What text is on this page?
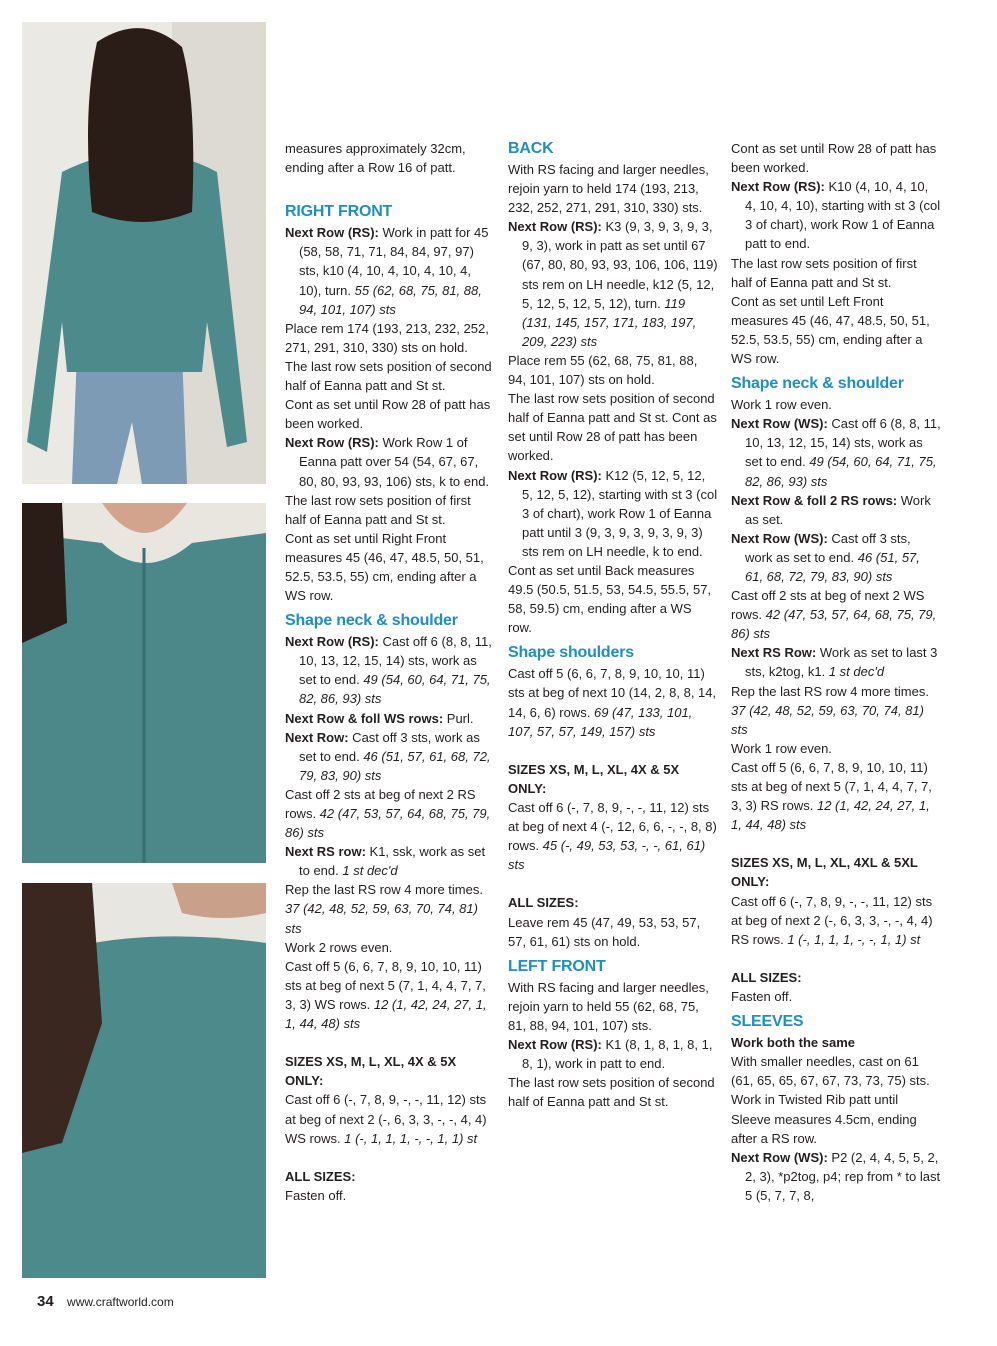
measures approximately 32cm, ending after a Row 16 of patt.

RIGHT FRONT

Next Row (RS): Work in patt for 45 (58, 58, 71, 71, 84, 84, 97, 97) sts, k10 (4, 10, 4, 10, 4, 10, 4, 10), turn. 55 (62, 68, 75, 81, 88, 94, 101, 107) sts

Place rem 174 (193, 213, 232, 252, 271, 291, 310, 330) sts on hold.

The last row sets position of second half of Eanna patt and St st.

Cont as set until Row 28 of patt has been worked.

Next Row (RS): Work Row 1 of Eanna patt over 54 (54, 67, 67, 80, 80, 93, 93, 106) sts, k to end.

The last row sets position of first half of Eanna patt and St st.

Cont as set until Right Front measures 45 (46, 47, 48.5, 50, 51, 52.5, 53.5, 55) cm, ending after a WS row.

Shape neck & shoulder

Next Row (RS): Cast off 6 (8, 8, 11, 10, 13, 12, 15, 14) sts, work as set to end. 49 (54, 60, 64, 71, 75, 82, 86, 93) sts

Next Row & foll WS rows: Purl.

Next Row: Cast off 3 sts, work as set to end. 46 (51, 57, 61, 68, 72, 79, 83, 90) sts

Cast off 2 sts at beg of next 2 RS rows. 42 (47, 53, 57, 64, 68, 75, 79, 86) sts

Next RS row: K1, ssk, work as set to end. 1 st dec'd

Rep the last RS row 4 more times. 37 (42, 48, 52, 59, 63, 70, 74, 81) sts

Work 2 rows even.

Cast off 5 (6, 6, 7, 8, 9, 10, 10, 11) sts at beg of next 5 (7, 1, 4, 4, 7, 7, 3, 3) WS rows. 12 (1, 42, 24, 27, 1, 1, 44, 48) sts

SIZES XS, M, L, XL, 4X & 5X ONLY:

Cast off 6 (-, 7, 8, 9, -, -, 11, 12) sts at beg of next 2 (-, 6, 3, 3, -, -, 4, 4) WS rows. 1 (-, 1, 1, 1, -, -, 1, 1) st

ALL SIZES:

Fasten off.

BACK

With RS facing and larger needles, rejoin yarn to held 174 (193, 213, 232, 252, 271, 291, 310, 330) sts.

Next Row (RS): K3 (9, 3, 9, 3, 9, 3, 9, 3), work in patt as set until 67 (67, 80, 80, 93, 93, 106, 106, 119) sts rem on LH needle, k12 (5, 12, 5, 12, 5, 12, 5, 12), turn. 119 (131, 145, 157, 171, 183, 197, 209, 223) sts

Place rem 55 (62, 68, 75, 81, 88, 94, 101, 107) sts on hold.

The last row sets position of second half of Eanna patt and St st. Cont as set until Row 28 of patt has been worked.

Next Row (RS): K12 (5, 12, 5, 12, 5, 12, 5, 12), starting with st 3 (col 3 of chart), work Row 1 of Eanna patt until 3 (9, 3, 9, 3, 9, 3, 9, 3) sts rem on LH needle, k to end.

Cont as set until Back measures 49.5 (50.5, 51.5, 53, 54.5, 55.5, 57, 58, 59.5) cm, ending after a WS row.

Shape shoulders

Cast off 5 (6, 6, 7, 8, 9, 10, 10, 11) sts at beg of next 10 (14, 2, 8, 8, 14, 14, 6, 6) rows. 69 (47, 133, 101, 107, 57, 57, 149, 157) sts

SIZES XS, M, L, XL, 4X & 5X ONLY:

Cast off 6 (-, 7, 8, 9, -, -, 11, 12) sts at beg of next 4 (-, 12, 6, 6, -, -, 8, 8) rows. 45 (-, 49, 53, 53, -, -, 61, 61) sts

ALL SIZES:

Leave rem 45 (47, 49, 53, 53, 57, 57, 61, 61) sts on hold.

LEFT FRONT

With RS facing and larger needles, rejoin yarn to held 55 (62, 68, 75, 81, 88, 94, 101, 107) sts.

Next Row (RS): K1 (8, 1, 8, 1, 8, 1, 8, 1), work in patt to end.

The last row sets position of second half of Eanna patt and St st.

Cont as set until Row 28 of patt has been worked.

Next Row (RS): K10 (4, 10, 4, 10, 4, 10, 4, 10), starting with st 3 (col 3 of chart), work Row 1 of Eanna patt to end.

The last row sets position of first half of Eanna patt and St st.

Cont as set until Left Front measures 45 (46, 47, 48.5, 50, 51, 52.5, 53.5, 55) cm, ending after a WS row.

Shape neck & shoulder

Work 1 row even.

Next Row (WS): Cast off 6 (8, 8, 11, 10, 13, 12, 15, 14) sts, work as set to end. 49 (54, 60, 64, 71, 75, 82, 86, 93) sts

Next Row & foll 2 RS rows: Work as set.

Next Row (WS): Cast off 3 sts, work as set to end. 46 (51, 57, 61, 68, 72, 79, 83, 90) sts

Cast off 2 sts at beg of next 2 WS rows. 42 (47, 53, 57, 64, 68, 75, 79, 86) sts

Next RS Row: Work as set to last 3 sts, k2tog, k1. 1 st dec'd

Rep the last RS row 4 more times. 37 (42, 48, 52, 59, 63, 70, 74, 81) sts

Work 1 row even.

Cast off 5 (6, 6, 7, 8, 9, 10, 10, 11) sts at beg of next 5 (7, 1, 4, 4, 7, 7, 3, 3) RS rows. 12 (1, 42, 24, 27, 1, 1, 44, 48) sts

SIZES XS, M, L, XL, 4XL & 5XL ONLY:

Cast off 6 (-, 7, 8, 9, -, -, 11, 12) sts at beg of next 2 (-, 6, 3, 3, -, -, 4, 4) RS rows. 1 (-, 1, 1, 1, -, -, 1, 1) st

ALL SIZES:

Fasten off.

SLEEVES

Work both the same

With smaller needles, cast on 61 (61, 65, 65, 67, 67, 73, 73, 75) sts.

Work in Twisted Rib patt until Sleeve measures 4.5cm, ending after a RS row.

Next Row (WS): P2 (2, 4, 4, 5, 5, 2, 2, 3), *p2tog, p4; rep from * to last 5 (5, 7, 7, 8,

34 www.craftworld.com
